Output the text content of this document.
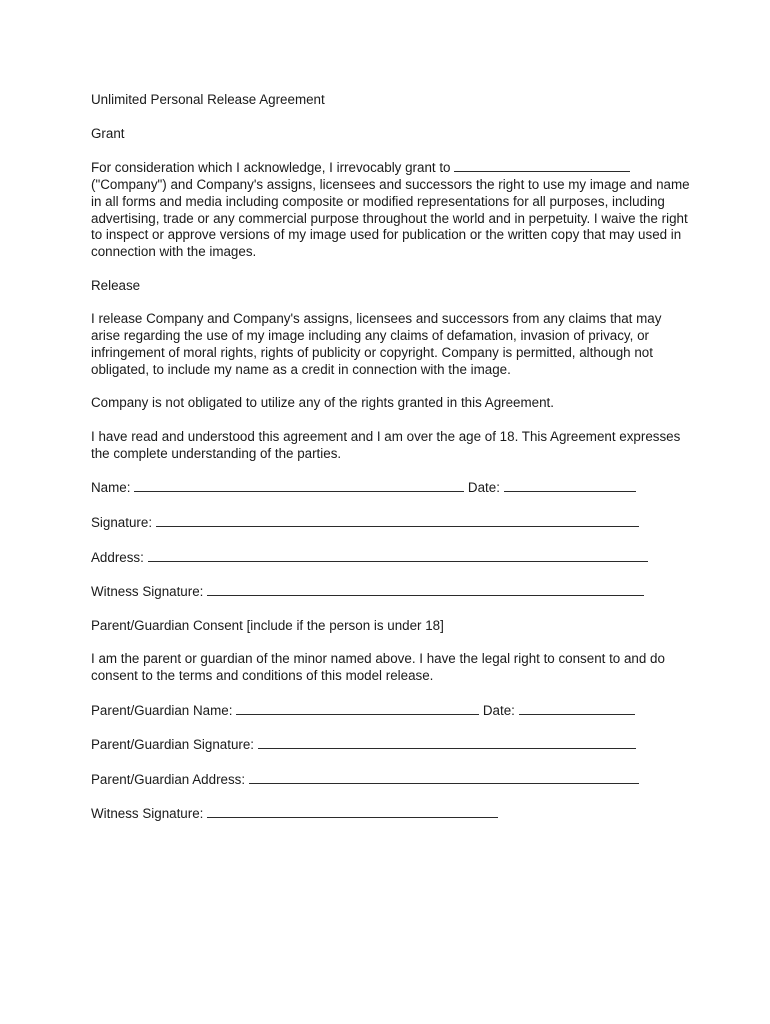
Unlimited Personal Release Agreement
Grant
For consideration which I acknowledge, I irrevocably grant to
("Company") and Company's assigns, licensees and successors the right to use my image and name in all forms and media including composite or modified representations for all purposes, including advertising, trade or any commercial purpose throughout the world and in perpetuity. I waive the right to inspect or approve versions of my image used for publication or the written copy that may used in connection with the images.
Release
I release Company and Company's assigns, licensees and successors from any claims that may arise regarding the use of my image including any claims of defamation, invasion of privacy, or infringement of moral rights, rights of publicity or copyright. Company is permitted, although not obligated, to include my name as a credit in connection with the image.
Company is not obligated to utilize any of the rights granted in this Agreement.
I have read and understood this agreement and I am over the age of 18. This Agreement expresses the complete understanding of the parties.
Name:	Date:
Signature:
Address:
Witness Signature:
Parent/Guardian Consent [include if the person is under 18]
I am the parent or guardian of the minor named above. I have the legal right to consent to and do consent to the terms and conditions of this model release.
Parent/Guardian Name:	Date:
Parent/Guardian Signature:
Parent/Guardian Address:
Witness Signature:
